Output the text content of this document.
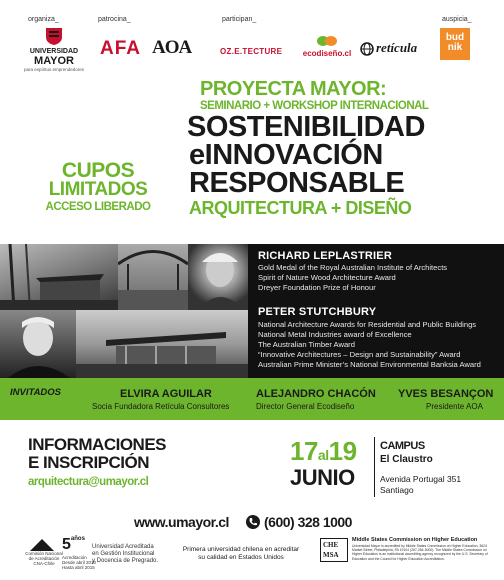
organiza_	patrocina_	participan_	auspicia_
UNIVERSIDAD
MAYOR
para espíritus emprendedores
AFA AOA	OZ.E.TECTURE	ecodiseño.cl	retícula
bud nik
PROYECTA MAYOR:
SEMINARIO + WORKSHOP INTERNACIONAL
SOSTENIBILIDAD
eINNOVACIÓN
RESPONSABLE
ARQUITECTURA + DISEÑO
CUPOS
LIMITADOS
ACCESO LIBERADO
RICHARD LEPLASTRIER
Gold Medal of the Royal Australian Institute of Architects
Spirit of Nature Wood Architecture Award
Dreyer Foundation Prize of Honour
PETER STUTCHBURY
National Architecture Awards for Residential and Public Buildings
National Metal Industries award of Excellence
The Australian Timber Award
“Innovative Architectures – Design and Sustainability” Award
Australian Prime Minister’s National Environmental Banksia Award
INVITADOS	ELVIRA AGUILAR
Socia Fundadora Retícula Consultores
ALEJANDRO CHACÓN
Director General Ecodiseño
YVES BESANÇON
Presidente AOA
INFORMACIONES
E INSCRIPCIÓN
arquitectura@umayor.cl
17al19
JUNIO
CAMPUS
El Claustro
Avenida Portugal 351
Santiago
www.umayor.cl	(600) 328 1000
Comisión Nacional
de Acreditación
CNA-Chile
$5^{años}$
Acreditación
Desde abril 2010
Hasta abril 2015
Universidad Acreditada
en Gestión Institucional
y Docencia de Pregrado.
Primera universidad chilena en acreditar
su calidad en Estados Unidos
CHE
MSA
Middle States Commission on Higher Education
Universidad Mayor is accredited by Middle States Commission on Higher Education, 3624 Market Street, Philadelphia, PA 19104 (267-284-5000). The Middle States Commission on Higher Education is an institutional accrediting agency recognized by the U.S. Secretary of Education and the Council for Higher Education Accreditation.
